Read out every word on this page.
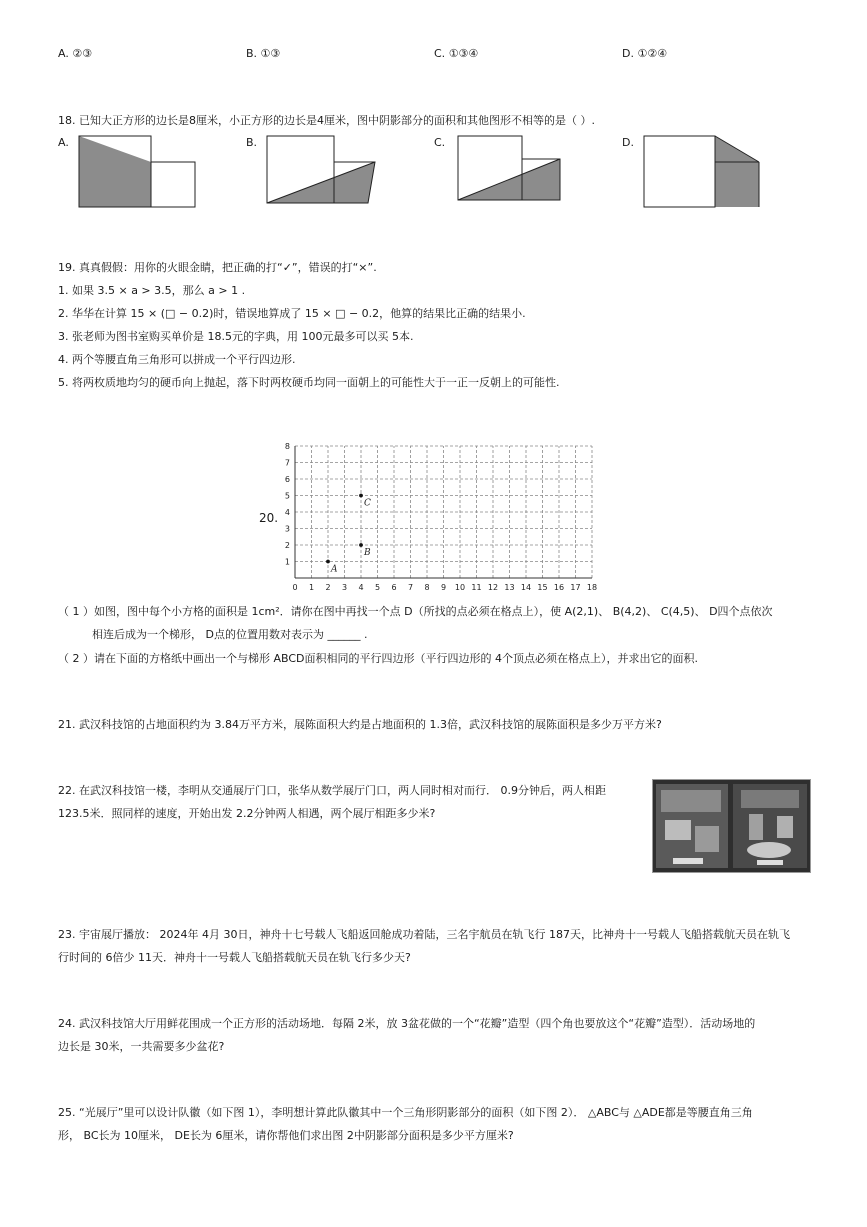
A. ②③	B. ①③	C. ①③④	D. ①②④
18. 已知大正方形的边长是8厘米，小正方形的边长是4厘米，图中阴影部分的面积和其他图形不相等的是（ ）.
A.	B.	C.	D.
19. 真真假假：用你的火眼金睛，把正确的打“✓”，错误的打“×”.
1. 如果 3.5 × a > 3.5，那么 a > 1 .
2. 华华在计算 15 × (□ − 0.2)时，错误地算成了 15 × □ − 0.2，他算的结果比正确的结果小.
3. 张老师为图书室购买单价是 18.5元的字典，用 100元最多可以买 5本.
4. 两个等腰直角三角形可以拼成一个平行四边形.
5. 将两枚质地均匀的硬币向上抛起，落下时两枚硬币均同一面朝上的可能性大于一正一反朝上的可能性.
20.
0 1 2 3 4 5 6 7 8 9 10 11 12 13 14 15 16 17 18
1
2
3
4
5
6
7
8
A
B
C
（ 1 ）如图，图中每个小方格的面积是 1cm²．请你在图中再找一个点 D（所找的点必须在格点上），使 A(2,1)、 B(4,2)、 C(4,5)、 D四个点依次
相连后成为一个梯形， D点的位置用数对表示为 ______ .
（ 2 ）请在下面的方格纸中画出一个与梯形 ABCD面积相同的平行四边形（平行四边形的 4个顶点必须在格点上），并求出它的面积.
21. 武汉科技馆的占地面积约为 3.84万平方米，展陈面积大约是占地面积的 1.3倍，武汉科技馆的展陈面积是多少万平方米?
22. 在武汉科技馆一楼，李明从交通展厅门口，张华从数学展厅门口，两人同时相对而行． 0.9分钟后，两人相距
123.5米．照同样的速度，开始出发 2.2分钟两人相遇，两个展厅相距多少米?
23. 宇宙展厅播放： 2024年 4月 30日，神舟十七号载人飞船返回舱成功着陆，三名宇航员在轨飞行 187天，比神舟十一号载人飞船搭载航天员在轨飞
行时间的 6倍少 11天．神舟十一号载人飞船搭载航天员在轨飞行多少天?
24. 武汉科技馆大厅用鲜花围成一个正方形的活动场地．每隔 2米，放 3盆花做的一个“花瓣”造型（四个角也要放这个“花瓣”造型）．活动场地的
边长是 30米，一共需要多少盆花?
25. “光展厅”里可以设计队徽（如下图 1），李明想计算此队徽其中一个三角形阴影部分的面积（如下图 2）． △ABC与 △ADE都是等腰直角三角
形， BC长为 10厘米， DE长为 6厘米，请你帮他们求出图 2中阴影部分面积是多少平方厘米?
